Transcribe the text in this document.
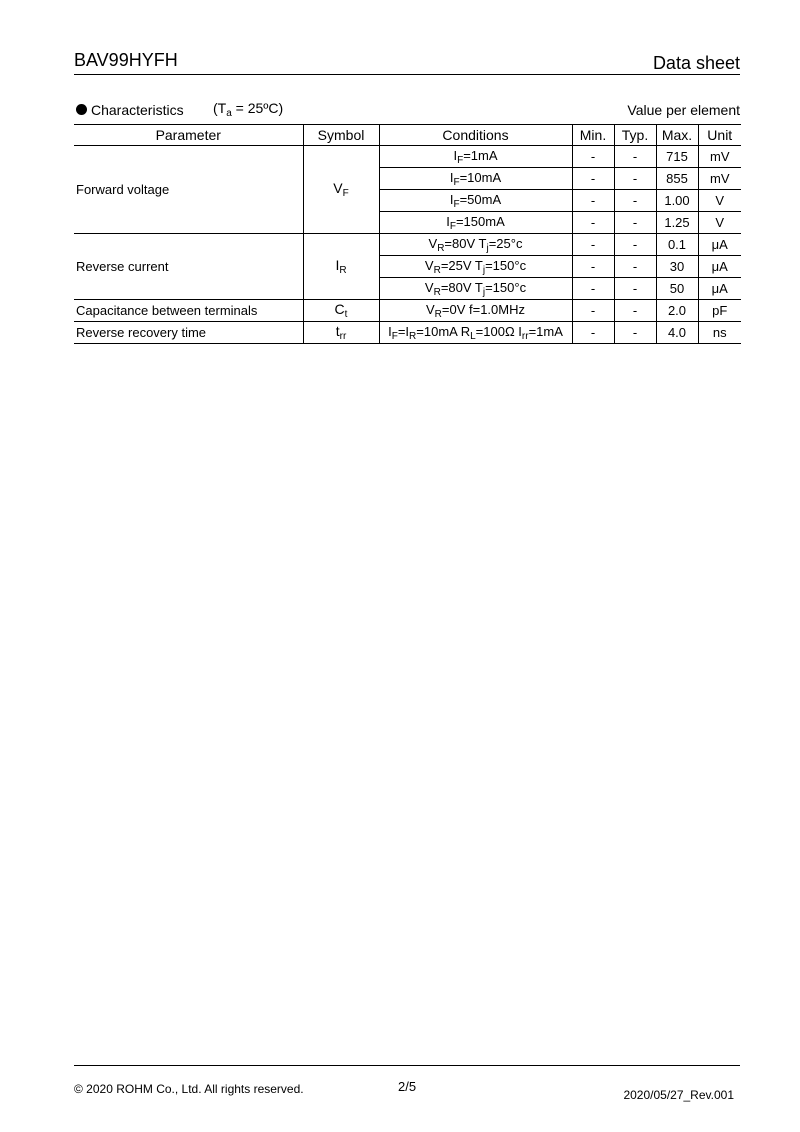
BAV99HYFH	Data sheet
Characteristics ($T_a$ = 25ºC)	Value per element
Parameter	Symbol	Conditions	Min.	Typ.	Max.	Unit
Forward voltage	$V_F$	$I_F=1mA$	-	-	715	mV
		$I_F=10mA$	-	-	855	mV
		$I_F=50mA$	-	-	1.00	V
		$I_F=150mA$	-	-	1.25	V
Reverse current	$I_R$	$V_R=80V$ $T_j=25^\circ c$	-	-	0.1	μA
		$V_R=25V$ $T_j=150^\circ c$	-	-	30	μA
		$V_R=80V$ $T_j=150^\circ c$	-	-	50	μA
Capacitance between terminals	$C_t$	$V_R=0V$ f=1.0MHz	-	-	2.0	pF
Reverse recovery time	$t_{rr}$	$I_F=I_R=10mA$ $R_L=100\Omega$ $I_{rr}=1mA$	-	-	4.0	ns
© 2020 ROHM Co., Ltd. All rights reserved.	2/5
2020/05/27_Rev.001
